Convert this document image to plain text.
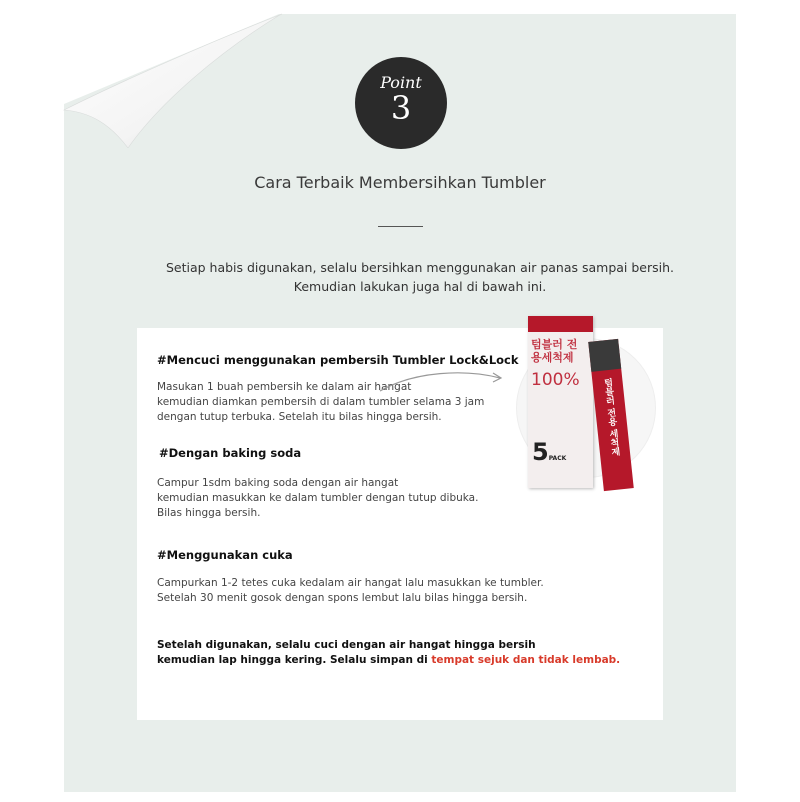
Point
3
Cara Terbaik Membersihkan Tumbler
Setiap habis digunakan, selalu bersihkan menggunakan air panas sampai bersih.
Kemudian lakukan juga hal di bawah ini.
#Mencuci menggunakan pembersih Tumbler Lock&Lock
Masukan 1 buah pembersih ke dalam air hangat
kemudian diamkan pembersih di dalam tumbler selama 3 jam
dengan tutup terbuka. Setelah itu bilas hingga bersih.
#Dengan baking soda
Campur 1sdm baking soda dengan air hangat
kemudian masukkan ke dalam tumbler dengan tutup dibuka.
Bilas hingga bersih.
#Menggunakan cuka
Campurkan 1-2 tetes cuka kedalam air hangat lalu masukkan ke tumbler.
Setelah 30 menit gosok dengan spons lembut lalu bilas hingga bersih.
Setelah digunakan, selalu cuci dengan air hangat hingga bersih
kemudian lap hingga kering. Selalu simpan di tempat sejuk dan tidak lembab.
텀블러 전용세척제
100%
5PACK
텀블러 전용 세척제
